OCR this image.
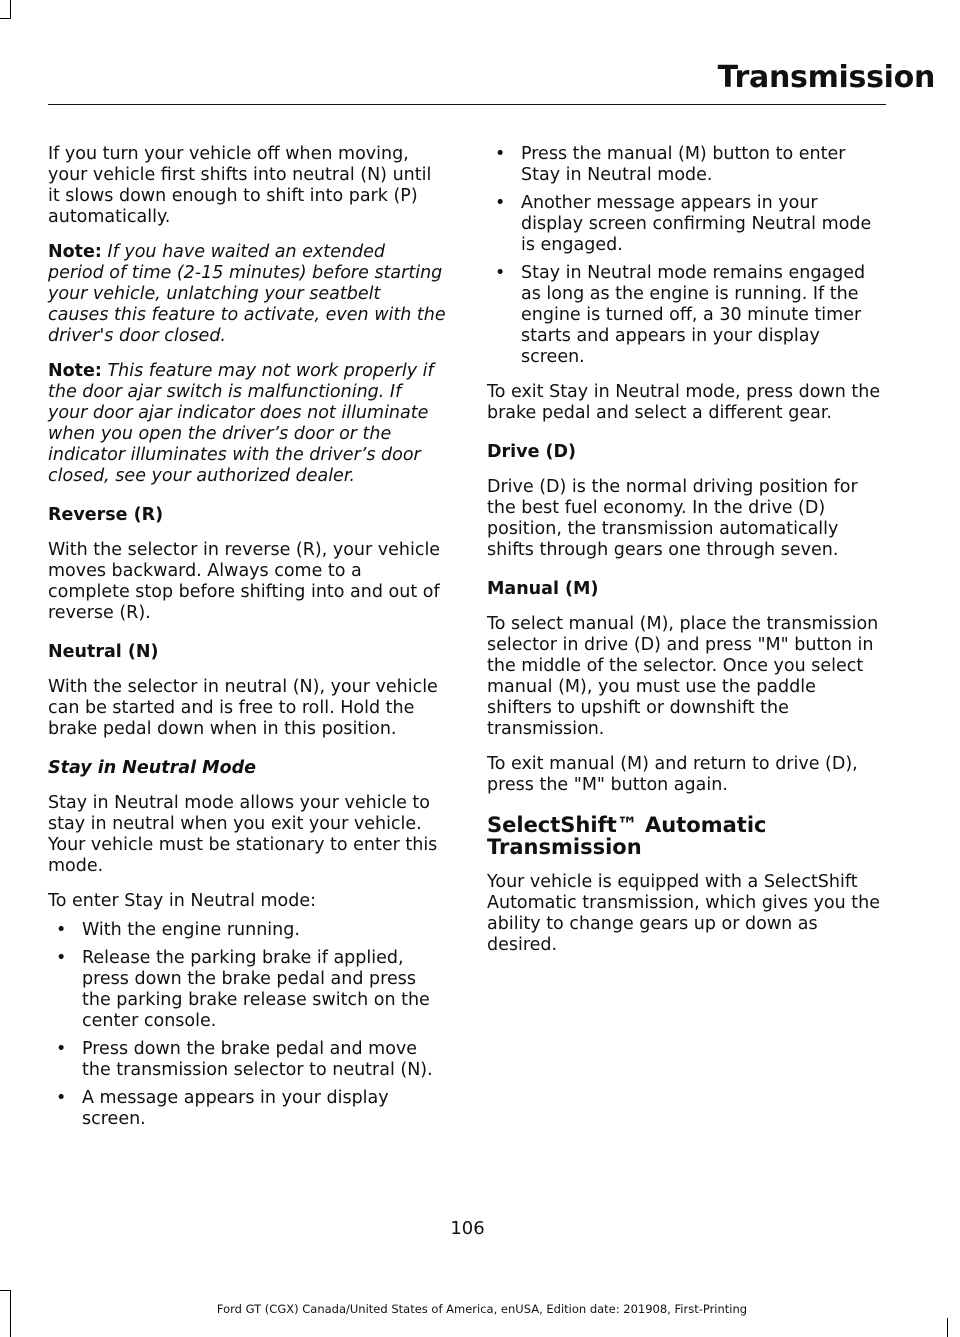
Transmission

If you turn your vehicle off when moving, your vehicle first shifts into neutral (N) until it slows down enough to shift into park (P) automatically.

Note: If you have waited an extended period of time (2-15 minutes) before starting your vehicle, unlatching your seatbelt causes this feature to activate, even with the driver's door closed.

Note: This feature may not work properly if the door ajar switch is malfunctioning. If your door ajar indicator does not illuminate when you open the driver’s door or the indicator illuminates with the driver’s door closed, see your authorized dealer.

Reverse (R)

With the selector in reverse (R), your vehicle moves backward. Always come to a complete stop before shifting into and out of reverse (R).

Neutral (N)

With the selector in neutral (N), your vehicle can be started and is free to roll. Hold the brake pedal down when in this position.

Stay in Neutral Mode

Stay in Neutral mode allows your vehicle to stay in neutral when you exit your vehicle. Your vehicle must be stationary to enter this mode.

To enter Stay in Neutral mode:

• With the engine running.
• Release the parking brake if applied, press down the brake pedal and press the parking brake release switch on the center console.
• Press down the brake pedal and move the transmission selector to neutral (N).
• A message appears in your display screen.
• Press the manual (M) button to enter Stay in Neutral mode.
• Another message appears in your display screen confirming Neutral mode is engaged.
• Stay in Neutral mode remains engaged as long as the engine is running. If the engine is turned off, a 30 minute timer starts and appears in your display screen.

To exit Stay in Neutral mode, press down the brake pedal and select a different gear.

Drive (D)

Drive (D) is the normal driving position for the best fuel economy. In the drive (D) position, the transmission automatically shifts through gears one through seven.

Manual (M)

To select manual (M), place the transmission selector in drive (D) and press "M" button in the middle of the selector. Once you select manual (M), you must use the paddle shifters to upshift or downshift the transmission.

To exit manual (M) and return to drive (D), press the "M" button again.

SelectShift™ Automatic Transmission

Your vehicle is equipped with a SelectShift Automatic transmission, which gives you the ability to change gears up or down as desired.

106
Ford GT (CGX) Canada/United States of America, enUSA, Edition date: 201908, First-Printing
